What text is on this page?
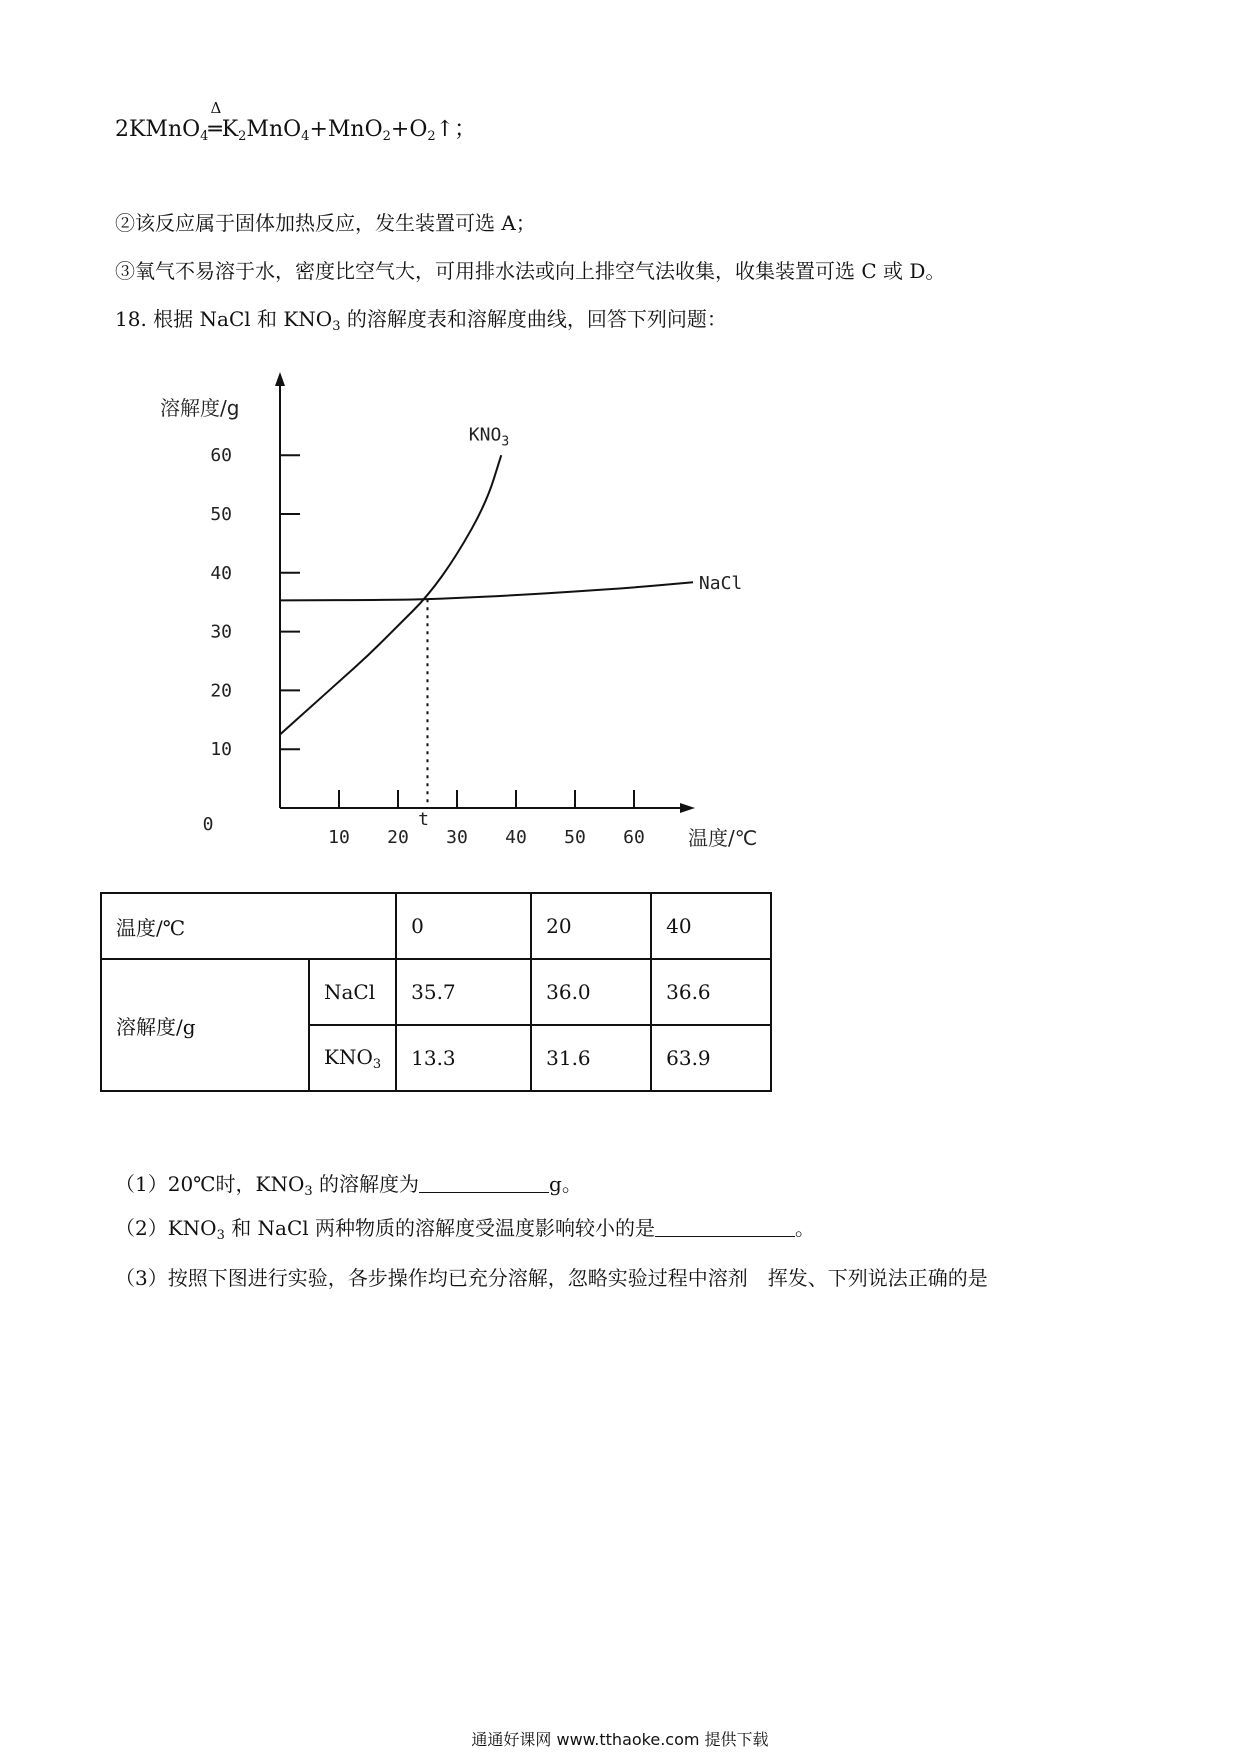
2KMnO$_4$
Δ
$═K_2MnO_4+MnO_2+O_2↑$；
②该反应属于固体加热反应，发生装置可选 A；
③氧气不易溶于水，密度比空气大，可用排水法或向上排空气法收集，收集装置可选 C 或 D。
18. 根据 NaCl 和 $KNO_3$ 的溶解度表和溶解度曲线，回答下列问题：
10
20
30
40
50
60
10 20 30 40 50 60
0
溶解度/g
温度/℃
t
$KNO_3$
NaCl
温度/℃		0	20	40
溶解度/g	NaCl	35.7	36.0	36.6
	$KNO_3$	13.3	31.6	63.9
（1）20℃时，$KNO_3$ 的溶解度为	g。
$(2)KNO_3$ 和 NaCl 两种物质的溶解度受温度影响较小的是	。
（3）按照下图进行实验，各步操作均已充分溶解，忽略实验过程中溶剂　挥发、下列说法正确的是
通通好课网 www.tthaoke.com 提供下载
